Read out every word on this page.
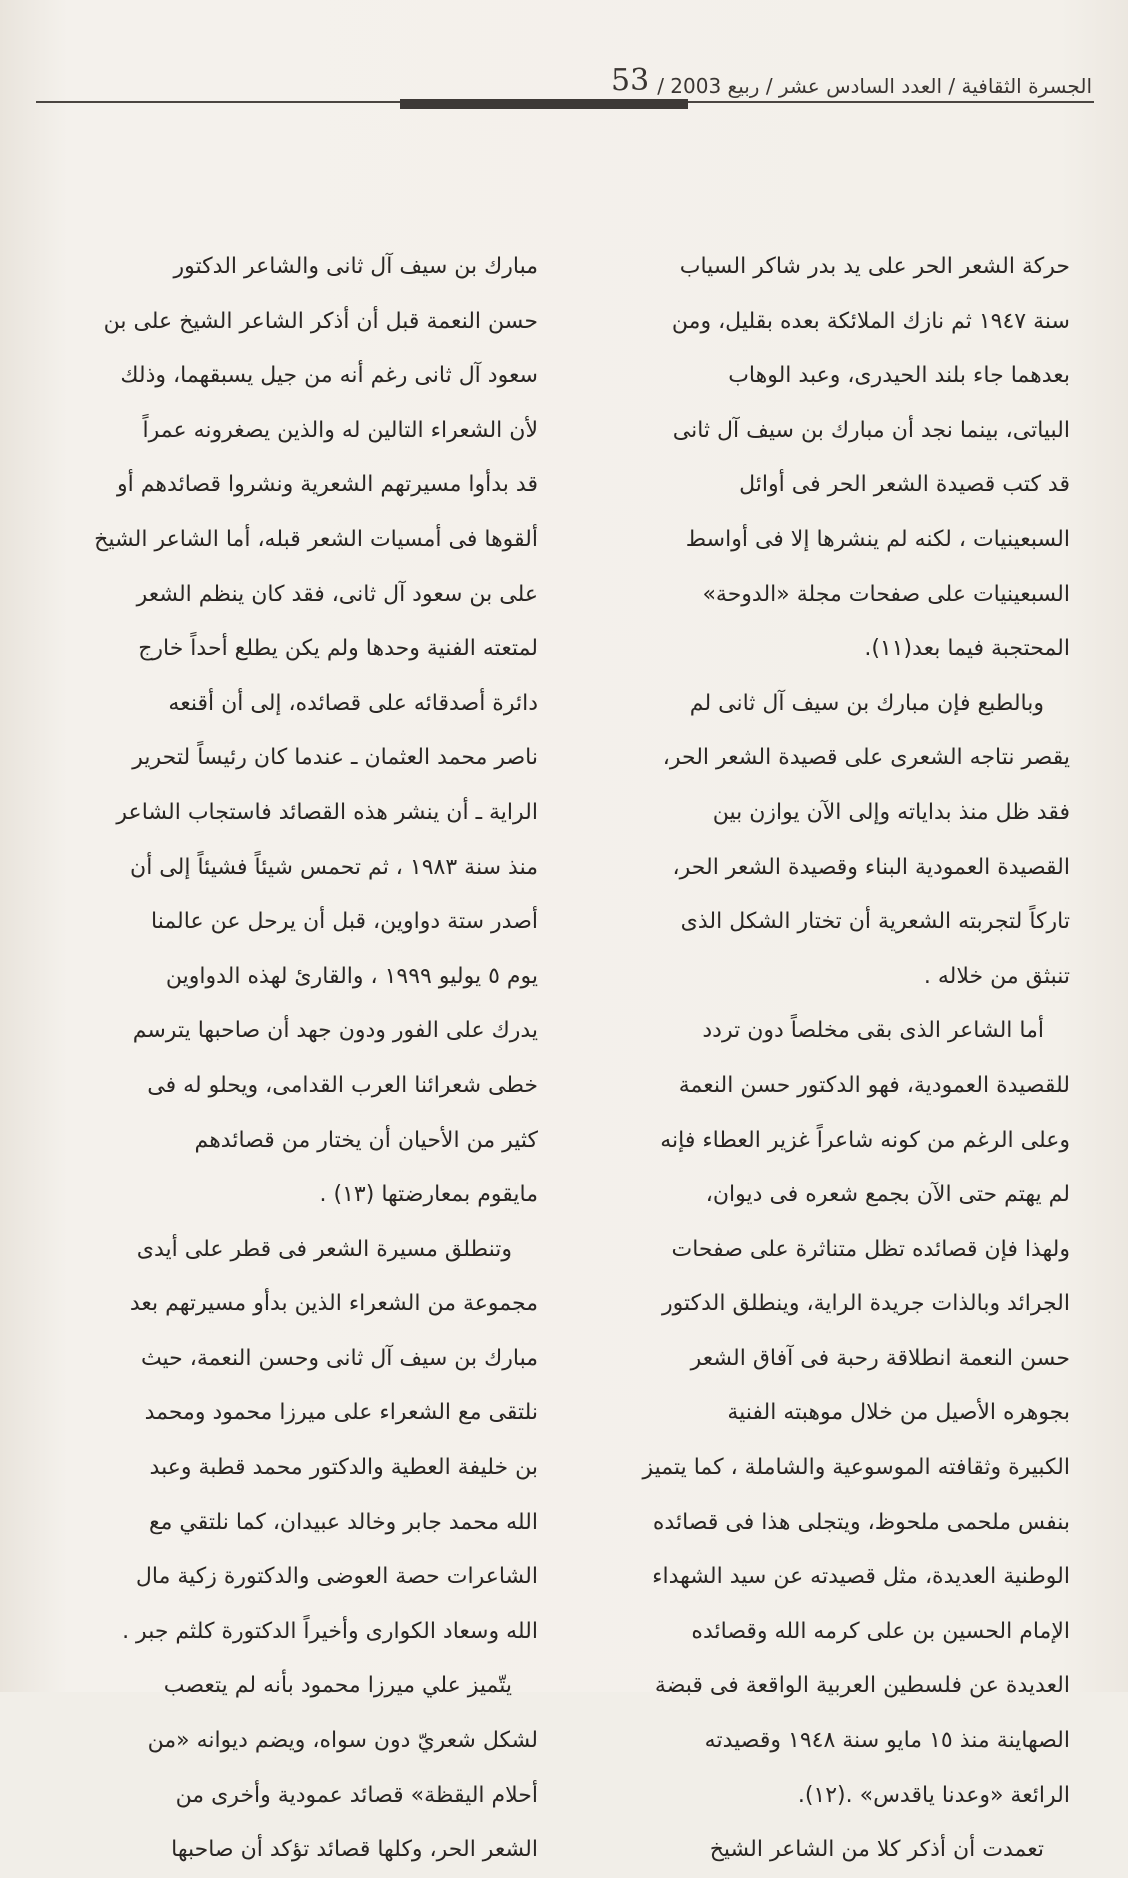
الجسرة الثقافية / العدد السادس عشر / ربيع 2003 /
53
حركة الشعر الحر على يد بدر شاكر السياب
سنة ١٩٤٧ ثم نازك الملائكة بعده بقليل، ومن
بعدهما جاء بلند الحيدرى، وعبد الوهاب
البياتى، بينما نجد أن مبارك بن سيف آل ثانى
قد كتب قصيدة الشعر الحر فى أوائل
السبعينيات ، لكنه لم ينشرها إلا فى أواسط
السبعينيات على صفحات مجلة «الدوحة»
المحتجبة فيما بعد(١١).
وبالطبع فإن مبارك بن سيف آل ثانى لم
يقصر نتاجه الشعرى على قصيدة الشعر الحر،
فقد ظل منذ بداياته وإلى الآن يوازن بين
القصيدة العمودية البناء وقصيدة الشعر الحر،
تاركاً لتجربته الشعرية أن تختار الشكل الذى
تنبثق من خلاله .
أما الشاعر الذى بقى مخلصاً دون تردد
للقصيدة العمودية، فهو الدكتور حسن النعمة
وعلى الرغم من كونه شاعراً غزير العطاء فإنه
لم يهتم حتى الآن بجمع شعره فى ديوان،
ولهذا فإن قصائده تظل متناثرة على صفحات
الجرائد وبالذات جريدة الراية، وينطلق الدكتور
حسن النعمة انطلاقة رحبة فى آفاق الشعر
بجوهره الأصيل من خلال موهبته الفنية
الكبيرة وثقافته الموسوعية والشاملة ، كما يتميز
بنفس ملحمى ملحوظ، ويتجلى هذا فى قصائده
الوطنية العديدة، مثل قصيدته عن سيد الشهداء
الإمام الحسين بن على كرمه الله وقصائده
العديدة عن فلسطين العربية الواقعة فى قبضة
الصهاينة منذ ١٥ مايو سنة ١٩٤٨ وقصيدته
الرائعة «وعدنا ياقدس» .(١٢).
تعمدت أن أذكر كلا من الشاعر الشيخ
مبارك بن سيف آل ثانى والشاعر الدكتور
حسن النعمة قبل أن أذكر الشاعر الشيخ على بن
سعود آل ثانى رغم أنه من جيل يسبقهما، وذلك
لأن الشعراء التالين له والذين يصغرونه عمراً
قد بدأوا مسيرتهم الشعرية ونشروا قصائدهم أو
ألقوها فى أمسيات الشعر قبله، أما الشاعر الشيخ
على بن سعود آل ثانى، فقد كان ينظم الشعر
لمتعته الفنية وحدها ولم يكن يطلع أحداً خارج
دائرة أصدقائه على قصائده، إلى أن أقنعه
ناصر محمد العثمان ـ عندما كان رئيساً لتحرير
الراية ـ أن ينشر هذه القصائد فاستجاب الشاعر
منذ سنة ١٩٨٣ ، ثم تحمس شيئاً فشيئاً إلى أن
أصدر ستة دواوين، قبل أن يرحل عن عالمنا
يوم ٥ يوليو ١٩٩٩ ، والقارئ لهذه الدواوين
يدرك على الفور ودون جهد أن صاحبها يترسم
خطى شعرائنا العرب القدامى، ويحلو له فى
كثير من الأحيان أن يختار من قصائدهم
مايقوم بمعارضتها (١٣) .
وتنطلق مسيرة الشعر فى قطر على أيدى
مجموعة من الشعراء الذين بدأو مسيرتهم بعد
مبارك بن سيف آل ثانى وحسن النعمة، حيث
نلتقى مع الشعراء على ميرزا محمود ومحمد
بن خليفة العطية والدكتور محمد قطبة وعبد
الله محمد جابر وخالد عبيدان، كما نلتقي مع
الشاعرات حصة العوضى والدكتورة زكية مال
الله وسعاد الكوارى وأخيراً الدكتورة كلثم جبر .
يتّميز علي ميرزا محمود بأنه لم يتعصب
لشكل شعريّ دون سواه، ويضم ديوانه «من
أحلام اليقظة» قصائد عمودية وأخرى من
الشعر الحر، وكلها قصائد تؤكد أن صاحبها
